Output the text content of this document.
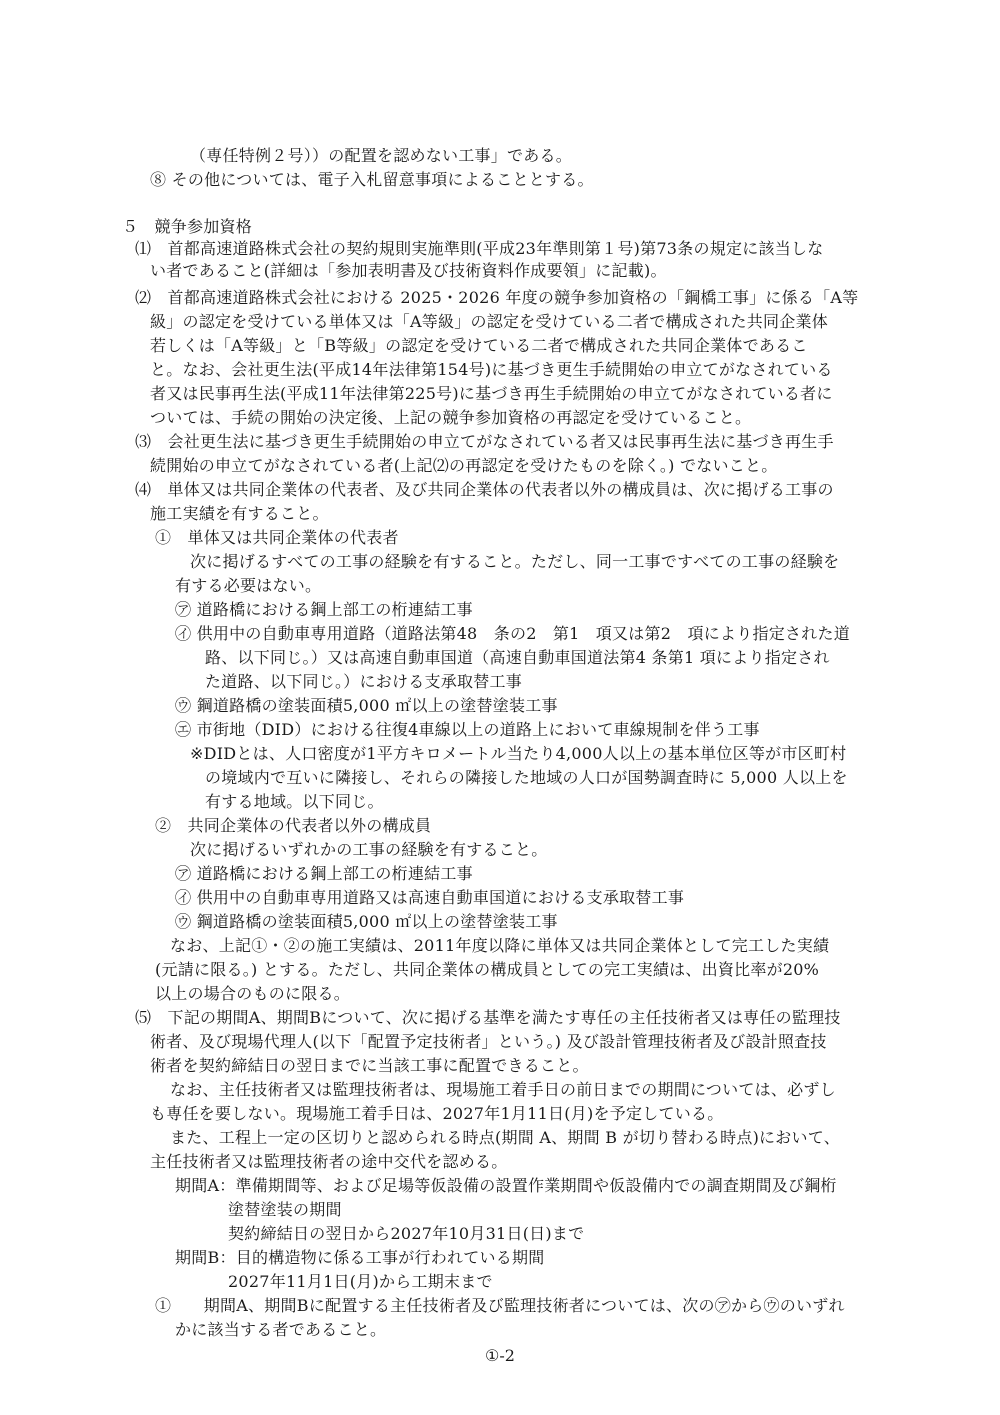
（専任特例２号））の配置を認めない工事」である。

⑧ その他については、電子入札留意事項によることとする。

５　競争参加資格

⑴　首都高速道路株式会社の契約規則実施準則(平成23年準則第１号)第73条の規定に該当しな

い者であること(詳細は「参加表明書及び技術資料作成要領」に記載)。

⑵　首都高速道路株式会社における 2025・2026 年度の競争参加資格の「鋼橋工事」に係る「A等

級」の認定を受けている単体又は「A等級」の認定を受けている二者で構成された共同企業体

若しくは「A等級」と「B等級」の認定を受けている二者で構成された共同企業体であるこ

と。なお、会社更生法(平成14年法律第154号)に基づき更生手続開始の申立てがなされている

者又は民事再生法(平成11年法律第225号)に基づき再生手続開始の申立てがなされている者に

ついては、手続の開始の決定後、上記の競争参加資格の再認定を受けていること。

⑶　会社更生法に基づき更生手続開始の申立てがなされている者又は民事再生法に基づき再生手

続開始の申立てがなされている者(上記⑵の再認定を受けたものを除く。) でないこと。

⑷　単体又は共同企業体の代表者、及び共同企業体の代表者以外の構成員は、次に掲げる工事の

施工実績を有すること。

①　単体又は共同企業体の代表者

次に掲げるすべての工事の経験を有すること。ただし、同一工事ですべての工事の経験を

有する必要はない。

㋐ 道路橋における鋼上部工の桁連結工事

㋑ 供用中の自動車専用道路（道路法第48　条の2　第1　項又は第2　項により指定された道

路、以下同じ。）又は高速自動車国道（高速自動車国道法第4 条第1 項により指定され

た道路、以下同じ。）における支承取替工事

㋒ 鋼道路橋の塗装面積5,000 ㎡以上の塗替塗装工事

㋓ 市街地（DID）における往復4車線以上の道路上において車線規制を伴う工事

※DIDとは、人口密度が1平方キロメートル当たり4,000人以上の基本単位区等が市区町村

の境域内で互いに隣接し、それらの隣接した地域の人口が国勢調査時に 5,000 人以上を

有する地域。以下同じ。

②　共同企業体の代表者以外の構成員

次に掲げるいずれかの工事の経験を有すること。

㋐ 道路橋における鋼上部工の桁連結工事

㋑ 供用中の自動車専用道路又は高速自動車国道における支承取替工事

㋒ 鋼道路橋の塗装面積5,000 ㎡以上の塗替塗装工事

なお、上記①・②の施工実績は、2011年度以降に単体又は共同企業体として完工した実績

(元請に限る。) とする。ただし、共同企業体の構成員としての完工実績は、出資比率が20%

以上の場合のものに限る。

⑸　下記の期間A、期間Bについて、次に掲げる基準を満たす専任の主任技術者又は専任の監理技

術者、及び現場代理人(以下「配置予定技術者」という。) 及び設計管理技術者及び設計照査技

術者を契約締結日の翌日までに当該工事に配置できること。

なお、主任技術者又は監理技術者は、現場施工着手日の前日までの期間については、必ずし

も専任を要しない。現場施工着手日は、2027年1月11日(月)を予定している。

また、工程上一定の区切りと認められる時点(期間 A、期間 B が切り替わる時点)において、

主任技術者又は監理技術者の途中交代を認める。

期間A：準備期間等、および足場等仮設備の設置作業期間や仮設備内での調査期間及び鋼桁

塗替塗装の期間

契約締結日の翌日から2027年10月31日(日)まで

期間B：目的構造物に係る工事が行われている期間

2027年11月1日(月)から工期末まで

①　　期間A、期間Bに配置する主任技術者及び監理技術者については、次の㋐から㋒のいずれ

かに該当する者であること。

①-2
